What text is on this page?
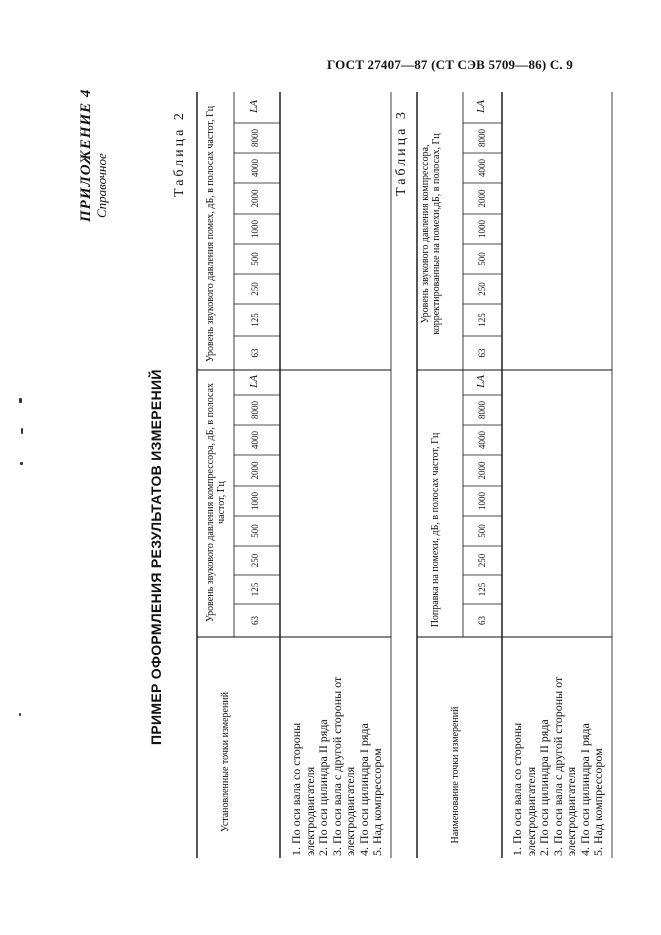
ГОСТ 27407—87 (СТ СЭВ 5709—86) С. 9
ПРИЛОЖЕНИЕ 4 Справочное
ПРИМЕР ОФОРМЛЕНИЯ РЕЗУЛЬТАТОВ ИЗМЕРЕНИЙ
Таблица 2	Таблица 3
Установленные точки измерений
Уровень звукового давления компрессора, дБ, в полосах частот, Гц
Уровень звукового давления помех, дБ, в полосах частот, Гц
63
125
250
500
1000
2000
4000
8000
LA
63
125
250
500
1000
2000
4000
8000
LA
1. По оси вала со стороны электродвигателя 2. По оси цилиндра II ряда 3. По оси вала с другой стороны от электродвигателя 4. По оси цилиндра I ряда 5. Над компрессором	Наименование точки измерений
Поправка на помехи, дБ, в полосах частот, Гц
Уровень звукового давления компрессора, корректированные на помехи,дБ, в полосах, Гц
63
125
250
500
1000
2000
4000
8000
LA
63
125
250
500
1000
2000
4000
8000
LA
1. По оси вала со стороны электродвигателя 2. По оси цилиндра II ряда 3. По оси вала с другой стороны от электродвигателя 4. По оси цилиндра I ряда 5. Над компрессором
